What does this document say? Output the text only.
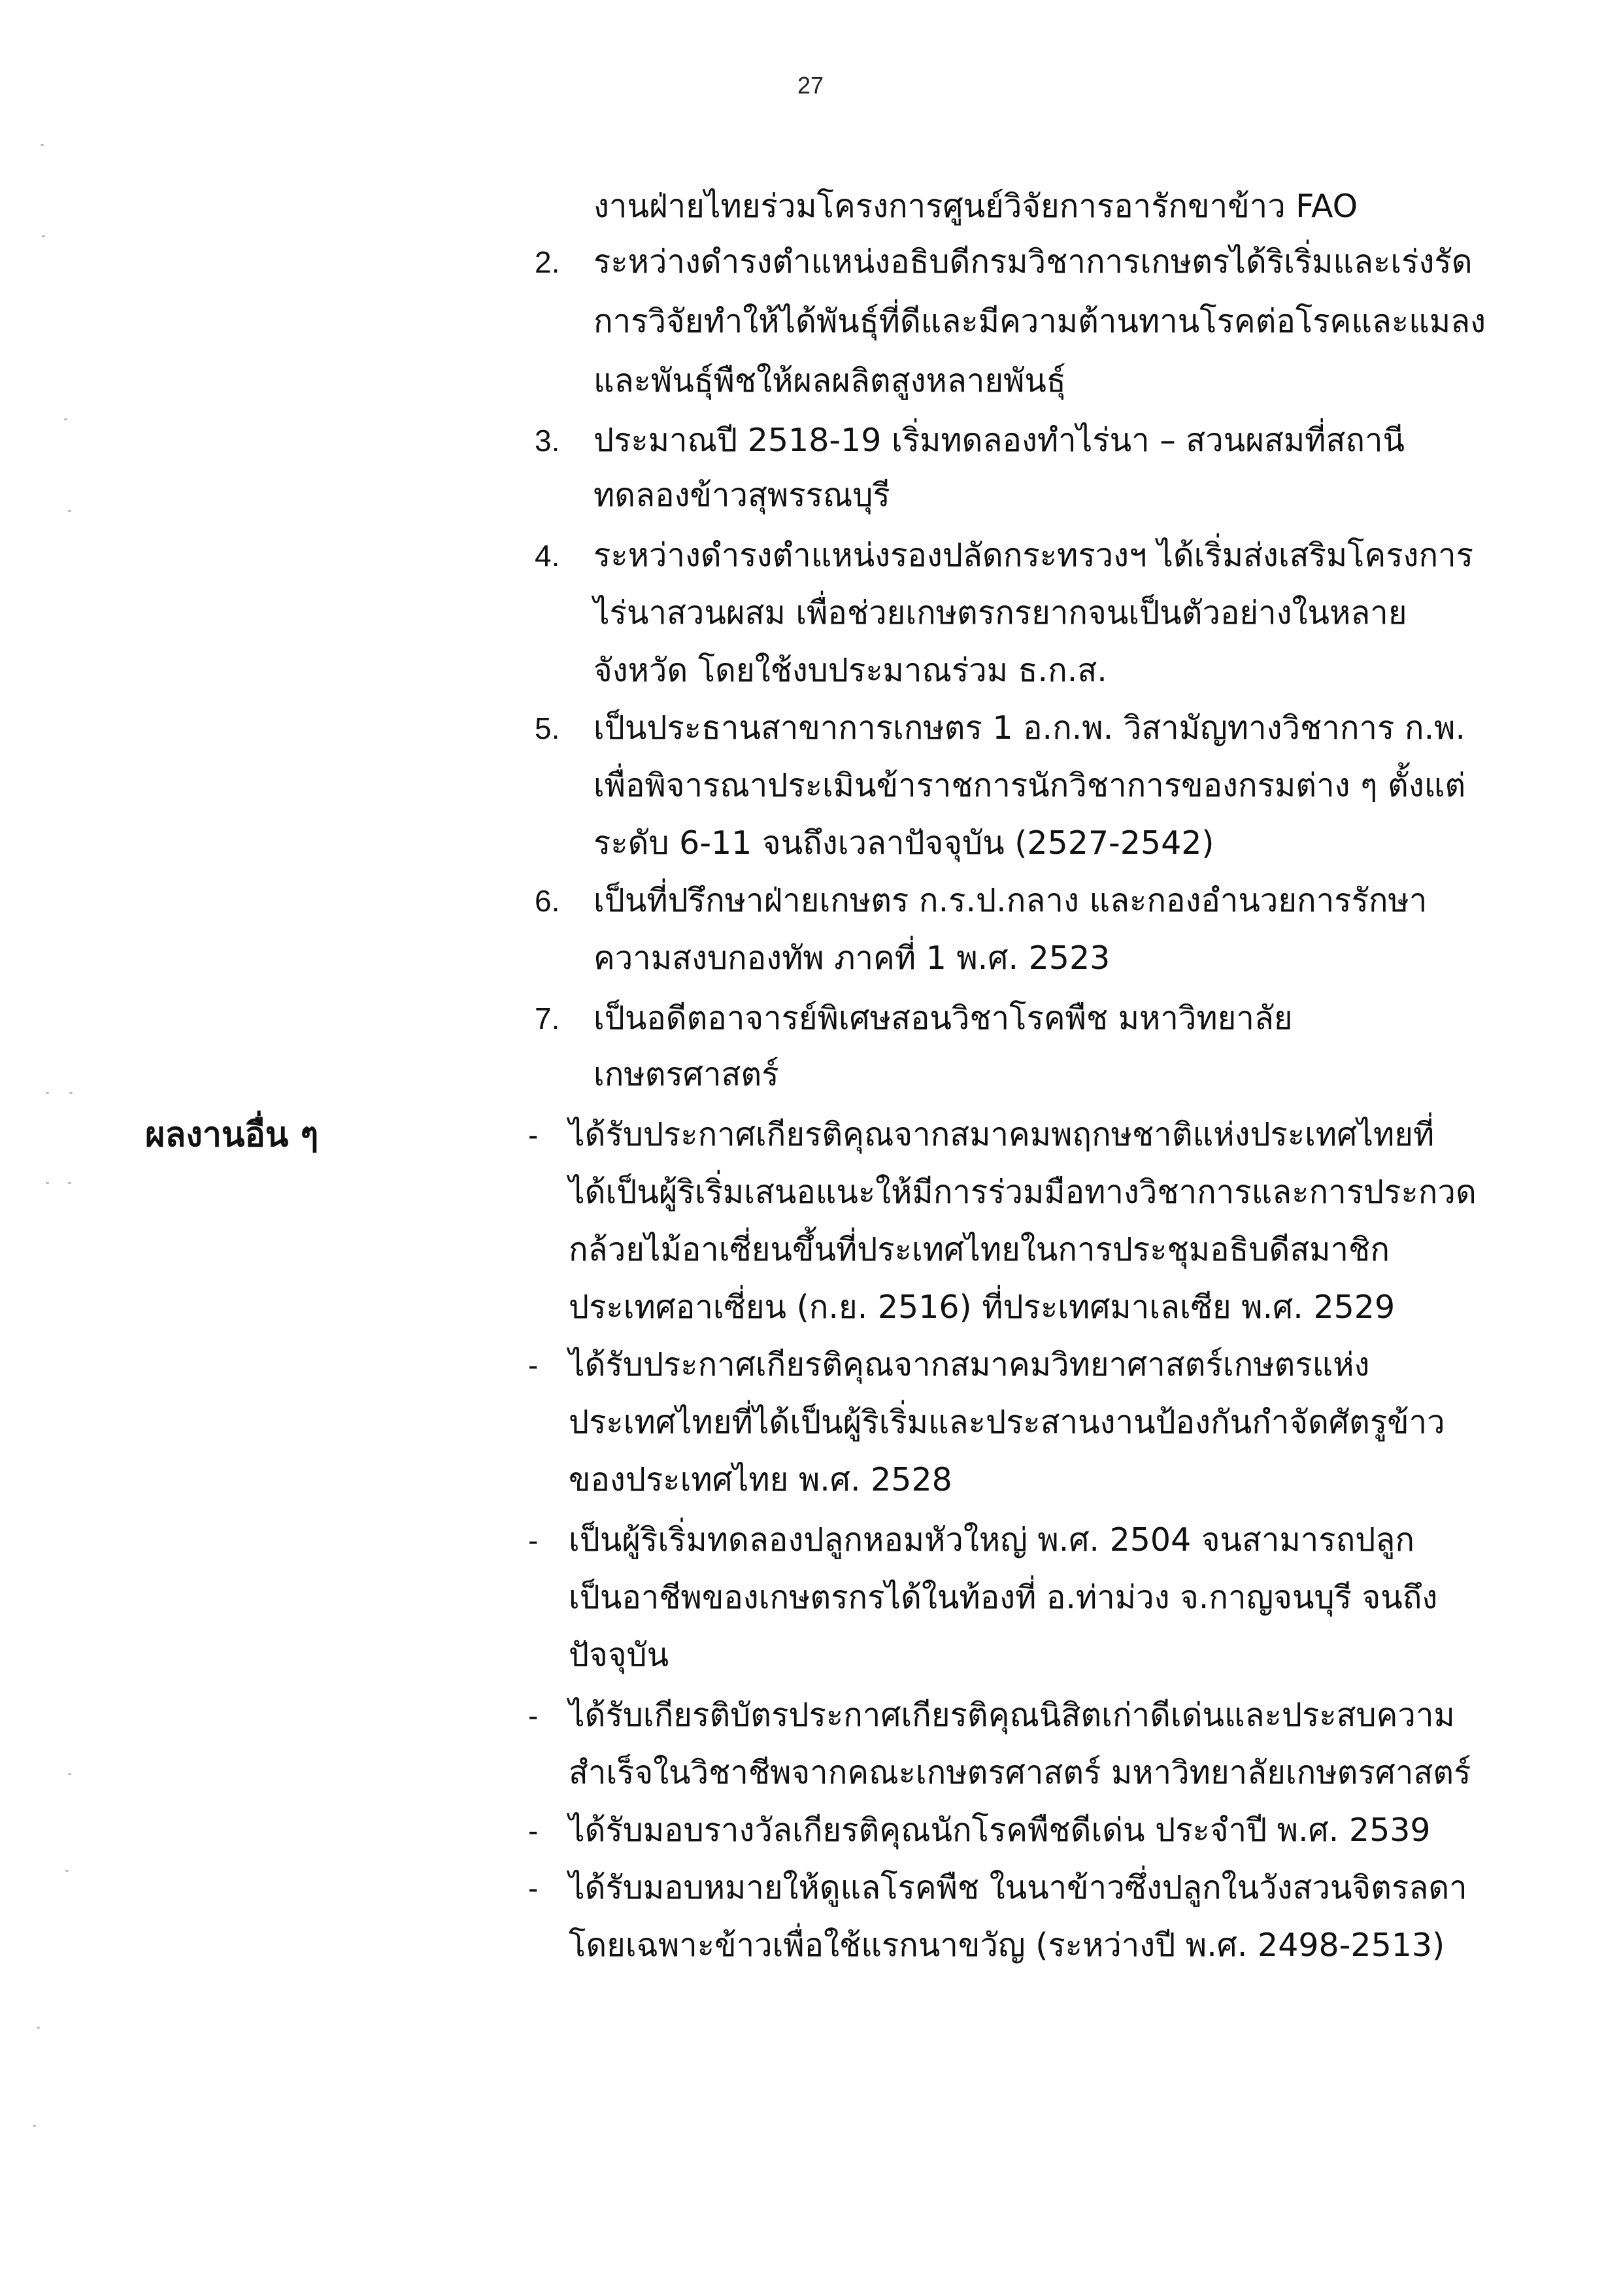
27
งานฝ่ายไทยร่วมโครงการศูนย์วิจัยการอารักขาข้าว FAO
2. ระหว่างดำรงตำแหน่งอธิบดีกรมวิชาการเกษตรได้ริเริ่มและเร่งรัด
การวิจัยทำให้ได้พันธุ์ที่ดีและมีความต้านทานโรคต่อโรคและแมลง
และพันธุ์พืชให้ผลผลิตสูงหลายพันธุ์
3. ประมาณปี 2518-19 เริ่มทดลองทำไร่นา – สวนผสมที่สถานี
ทดลองข้าวสุพรรณบุรี
4. ระหว่างดำรงตำแหน่งรองปลัดกระทรวงฯ ได้เริ่มส่งเสริมโครงการ
ไร่นาสวนผสม เพื่อช่วยเกษตรกรยากจนเป็นตัวอย่างในหลาย
จังหวัด โดยใช้งบประมาณร่วม ธ.ก.ส.
5. เป็นประธานสาขาการเกษตร 1 อ.ก.พ. วิสามัญทางวิชาการ ก.พ.
เพื่อพิจารณาประเมินข้าราชการนักวิชาการของกรมต่าง ๆ ตั้งแต่
ระดับ 6-11 จนถึงเวลาปัจจุบัน (2527-2542)
6. เป็นที่ปรึกษาฝ่ายเกษตร ก.ร.ป.กลาง และกองอำนวยการรักษา
ความสงบกองทัพ ภาคที่ 1 พ.ศ. 2523
7. เป็นอดีตอาจารย์พิเศษสอนวิชาโรคพืช มหาวิทยาลัย
เกษตรศาสตร์
ผลงานอื่น ๆ	- ได้รับประกาศเกียรติคุณจากสมาคมพฤกษชาติแห่งประเทศไทยที่
ได้เป็นผู้ริเริ่มเสนอแนะให้มีการร่วมมือทางวิชาการและการประกวด
กล้วยไม้อาเซี่ยนขึ้นที่ประเทศไทยในการประชุมอธิบดีสมาชิก
ประเทศอาเซี่ยน (ก.ย. 2516) ที่ประเทศมาเลเซีย พ.ศ. 2529
- ได้รับประกาศเกียรติคุณจากสมาคมวิทยาศาสตร์เกษตรแห่ง
ประเทศไทยที่ได้เป็นผู้ริเริ่มและประสานงานป้องกันกำจัดศัตรูข้าว
ของประเทศไทย พ.ศ. 2528
- เป็นผู้ริเริ่มทดลองปลูกหอมหัวใหญ่ พ.ศ. 2504 จนสามารถปลูก
เป็นอาชีพของเกษตรกรได้ในท้องที่ อ.ท่าม่วง จ.กาญจนบุรี จนถึง
ปัจจุบัน
- ได้รับเกียรติบัตรประกาศเกียรติคุณนิสิตเก่าดีเด่นและประสบความ
สำเร็จในวิชาชีพจากคณะเกษตรศาสตร์ มหาวิทยาลัยเกษตรศาสตร์
- ได้รับมอบรางวัลเกียรติคุณนักโรคพืชดีเด่น ประจำปี พ.ศ. 2539
- ได้รับมอบหมายให้ดูแลโรคพืช ในนาข้าวซึ่งปลูกในวังสวนจิตรลดา
โดยเฉพาะข้าวเพื่อใช้แรกนาขวัญ (ระหว่างปี พ.ศ. 2498-2513)
